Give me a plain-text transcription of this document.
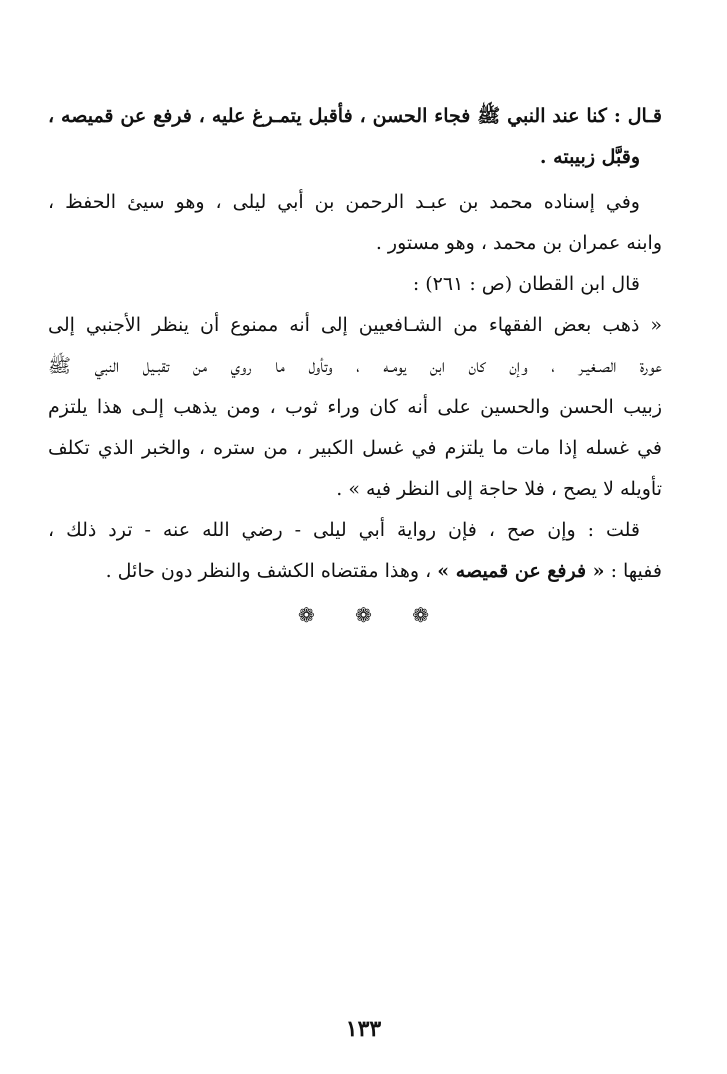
قـال : كنا عند النبي ﷺ فجاء الحسن ، فأقبل يتمـرغ عليه ، فرفع عن قميصه ،
وقبَّل زبيبته .
وفي إسناده محمد بن عبـد الرحمن بن أبي ليلى ، وهو سيئ الحفظ ،
وابنه عمران بن محمد ، وهو مستور .
قال ابن القطان (ص : ٢٦١) :
« ذهب بعض الفقهاء من الشـافعيين إلى أنه ممنوع أن ينظر الأجنبي إلى
عورة الصـغيـر ، وإن كان ابن يومـه ، وتأول ما روي من تقبـيل النبي ﷺ
زبيب الحسن والحسين على أنه كان وراء ثوب ، ومن يذهب إلـى هذا يلتزم
في غسله إذا مات ما يلتزم في غسل الكبير ، من ستره ، والخبر الذي تكلف
تأويله لا يصح ، فلا حاجة إلى النظر فيه » .
قلت : وإن صح ، فإن رواية أبي ليلى - رضي الله عنه - ترد ذلك ،
ففيها : « فرفع عن قميصه » ، وهذا مقتضاه الكشف والنظر دون حائل .
❁ ❁ ❁
١٣٣
